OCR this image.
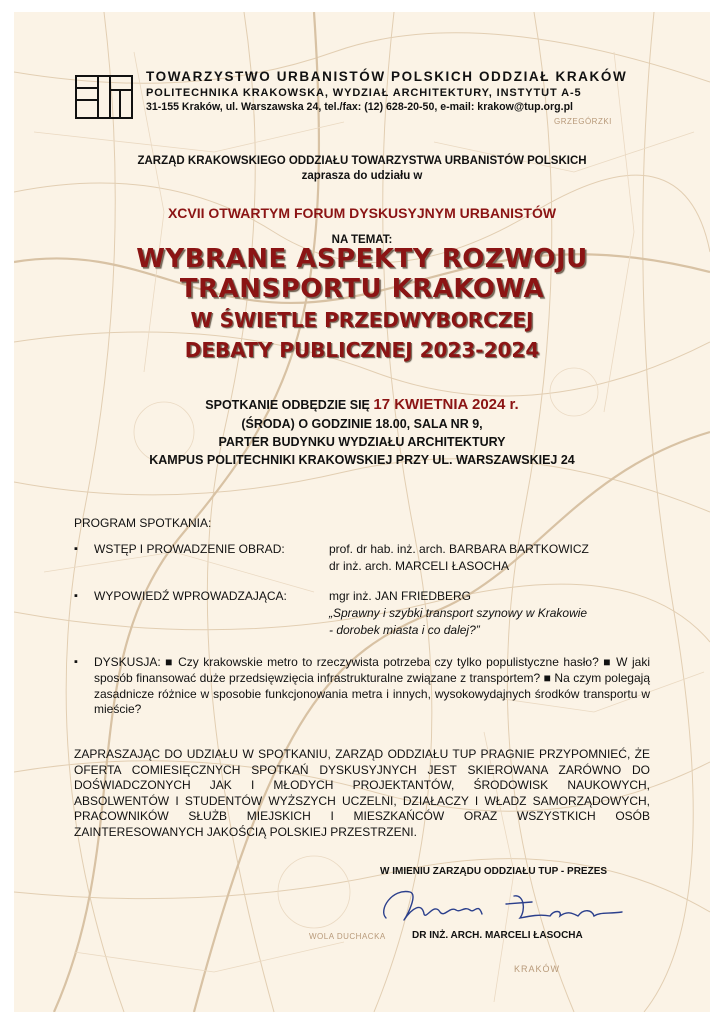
TOWARZYSTWO URBANISTÓW POLSKICH ODDZIAŁ KRAKÓW
POLITECHNIKA KRAKOWSKA, WYDZIAŁ ARCHITEKTURY, INSTYTUT A-5
31-155 Kraków, ul. Warszawska 24, tel./fax: (12) 628-20-50, e-mail: krakow@tup.org.pl
ZARZĄD KRAKOWSKIEGO ODDZIAŁU TOWARZYSTWA URBANISTÓW POLSKICH
zaprasza do udziału w
XCVII OTWARTYM FORUM DYSKUSYJNYM URBANISTÓW
NA TEMAT:
WYBRANE ASPEKTY ROZWOJU
TRANSPORTU KRAKOWA
W ŚWIETLE PRZEDWYBORCZEJ
DEBATY PUBLICZNEJ 2023-2024
SPOTKANIE ODBĘDZIE SIĘ 17 KWIETNIA 2024 r.
(ŚRODA) O GODZINIE 18.00, SALA NR 9,
PARTER BUDYNKU WYDZIAŁU ARCHITEKTURY
KAMPUS POLITECHNIKI KRAKOWSKIEJ PRZY UL. WARSZAWSKIEJ 24
PROGRAM SPOTKANIA:
▪ WSTĘP I PROWADZENIE OBRAD:	prof. dr hab. inż. arch. BARBARA BARTKOWICZ
dr inż. arch. MARCELI ŁASOCHA
▪ WYPOWIEDŹ WPROWADZAJĄCA:	mgr inż. JAN FRIEDBERG
„Sprawny i szybki transport szynowy w Krakowie
- dorobek miasta i co dalej?”
▪ DYSKUSJA: ■ Czy krakowskie metro to rzeczywista potrzeba czy tylko populistyczne hasło? ■ W jaki sposób finansować duże przedsięwzięcia infrastrukturalne związane z transportem? ■ Na czym polegają zasadnicze różnice w sposobie funkcjonowania metra i innych, wysokowydajnych środków transportu w mieście?
ZAPRASZAJĄC DO UDZIAŁU W SPOTKANIU, ZARZĄD ODDZIAŁU TUP PRAGNIE PRZYPOMNIEĆ, ŻE OFERTA COMIESIĘCZNYCH SPOTKAŃ DYSKUSYJNYCH JEST SKIEROWANA ZARÓWNO DO DOŚWIADCZONYCH JAK I MŁODYCH PROJEKTANTÓW, ŚRODOWISK NAUKOWYCH, ABSOLWENTÓW I STUDENTÓW WYŻSZYCH UCZELNI, DZIAŁACZY I WŁADZ SAMORZĄDOWYCH, PRACOWNIKÓW SŁUŻB MIEJSKICH I MIESZKAŃCÓW ORAZ WSZYSTKICH OSÓB ZAINTERESOWANYCH JAKOŚCIĄ POLSKIEJ PRZESTRZENI.
W IMIENIU ZARZĄDU ODDZIAŁU TUP - PREZES
DR INŻ. ARCH. MARCELI ŁASOCHA
GRZEGÓRZKI
WOLA DUCHACKA
KRAKÓW
